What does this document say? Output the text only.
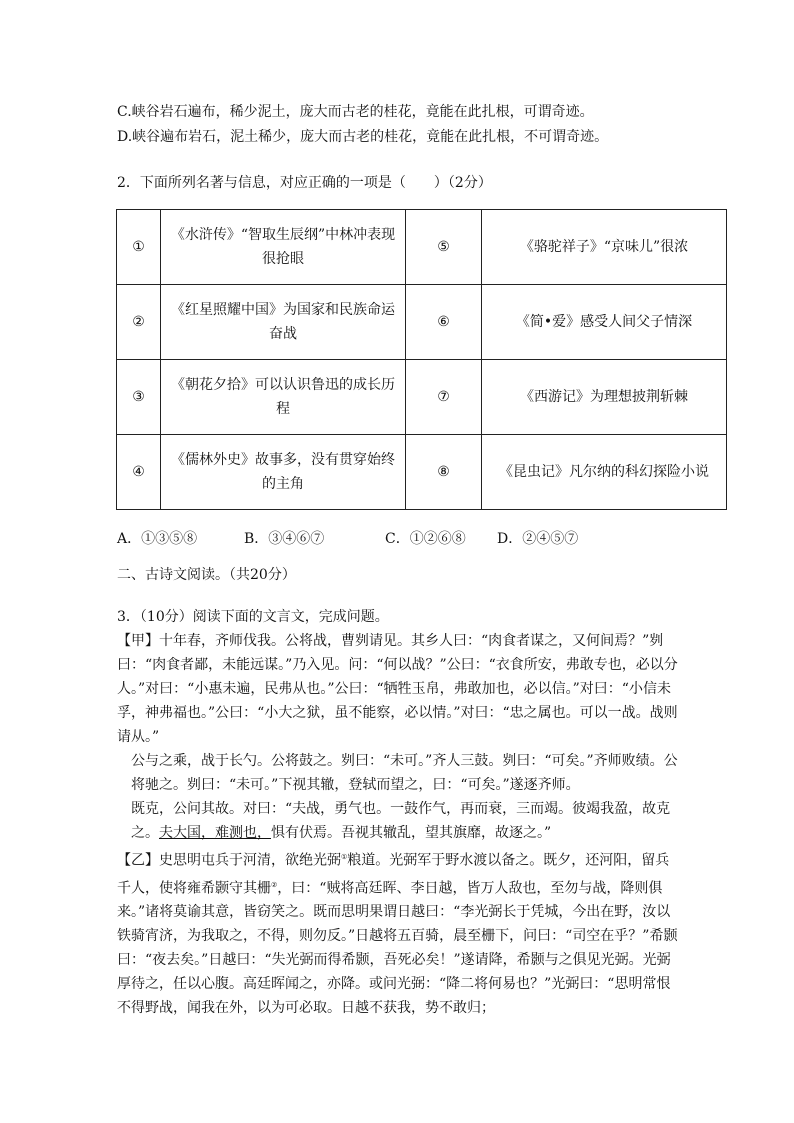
C.峡谷岩石遍布，稀少泥土，庞大而古老的桂花，竟能在此扎根，可谓奇迹。
D.峡谷遍布岩石，泥土稀少，庞大而古老的桂花，竟能在此扎根，不可谓奇迹。
2．下面所列名著与信息，对应正确的一项是（　　）（2分）
①	《水浒传》“智取生辰纲”中林冲表现很抢眼	⑤	《骆驼祥子》“京味儿”很浓
②	《红星照耀中国》为国家和民族命运奋战	⑥	《简•爱》感受人间父子情深
③	《朝花夕拾》可以认识鲁迅的成长历程	⑦	《西游记》为理想披荆斩棘
④	《儒林外史》故事多，没有贯穿始终的主角	⑧	《昆虫记》凡尔纳的科幻探险小说
A．①③⑤⑧	B．③④⑥⑦	C．①②⑥⑧ D．②④⑤⑦
二、古诗文阅读。（共20分）
3．（10分）阅读下面的文言文，完成问题。

【甲】十年春，齐师伐我。公将战，曹刿请见。其乡人曰：“肉食者谋之，又何间焉？”刿曰：“肉食者鄙，未能远谋。”乃入见。问：“何以战？”公曰：“衣食所安，弗敢专也，必以分人。”对曰：“小惠未遍，民弗从也。”公曰：“牺牲玉帛，弗敢加也，必以信。”对曰：“小信未孚，神弗福也。”公曰：“小大之狱，虽不能察，必以情。”对曰：“忠之属也。可以一战。战则请从。”

公与之乘，战于长勺。公将鼓之。刿曰：“未可。”齐人三鼓。刿曰：“可矣。”齐师败绩。公将驰之。刿曰：“未可。”下视其辙，登轼而望之，曰：“可矣。”遂逐齐师。

既克，公问其故。对曰：“夫战，勇气也。一鼓作气，再而衰，三而竭。彼竭我盈，故克之。夫大国，难测也，惧有伏焉。吾视其辙乱，望其旗靡，故逐之。”

【乙】史思明屯兵于河清，欲绝光弼①粮道。光弼军于野水渡以备之。既夕，还河阳，留兵千人，使将雍希颢守其栅②，曰：“贼将高廷晖、李日越，皆万人敌也，至勿与战，降则俱来。”诸将莫谕其意，皆窃笑之。既而思明果谓日越曰：“李光弼长于凭城，今出在野，汝以铁骑宵济，为我取之，不得，则勿反。”日越将五百骑，晨至栅下，问曰：“司空在乎？”希颢曰：“夜去矣。”日越曰：“失光弼而得希颢，吾死必矣！”遂请降，希颢与之俱见光弼。光弼厚待之，任以心腹。高廷晖闻之，亦降。或问光弼：“降二将何易也？”光弼曰：“思明常恨不得野战，闻我在外，以为可必取。日越不获我，势不敢归；
